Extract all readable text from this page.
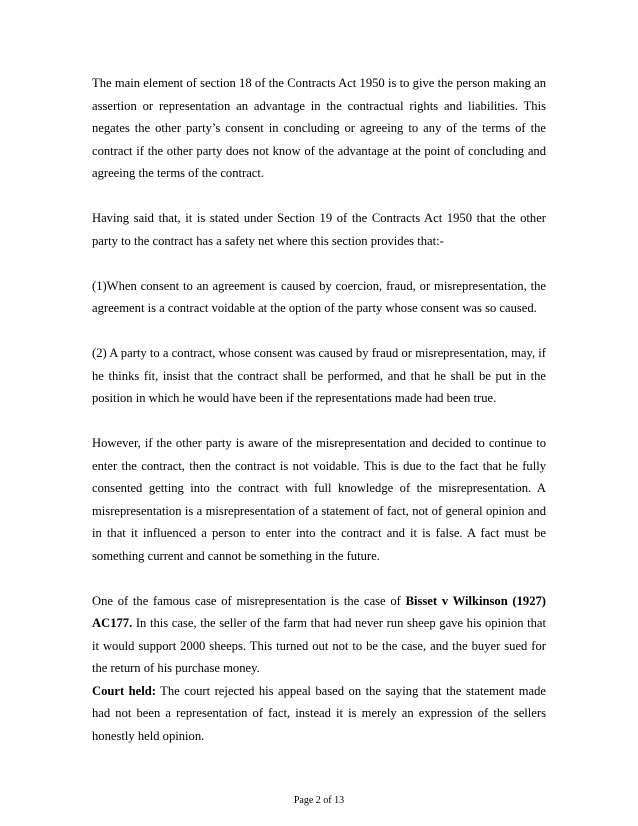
The main element of section 18 of the Contracts Act 1950 is to give the person making an assertion or representation an advantage in the contractual rights and liabilities. This negates the other party’s consent in concluding or agreeing to any of the terms of the contract if the other party does not know of the advantage at the point of concluding and agreeing the terms of the contract.

Having said that, it is stated under Section 19 of the Contracts Act 1950 that the other party to the contract has a safety net where this section provides that:-

(1)When consent to an agreement is caused by coercion, fraud, or misrepresentation, the agreement is a contract voidable at the option of the party whose consent was so caused.

(2) A party to a contract, whose consent was caused by fraud or misrepresentation, may, if he thinks fit, insist that the contract shall be performed, and that he shall be put in the position in which he would have been if the representations made had been true.

However, if the other party is aware of the misrepresentation and decided to continue to enter the contract, then the contract is not voidable. This is due to the fact that he fully consented getting into the contract with full knowledge of the misrepresentation. A misrepresentation is a misrepresentation of a statement of fact, not of general opinion and in that it influenced a person to enter into the contract and it is false. A fact must be something current and cannot be something in the future.

One of the famous case of misrepresentation is the case of Bisset v Wilkinson (1927) AC177. In this case, the seller of the farm that had never run sheep gave his opinion that it would support 2000 sheeps. This turned out not to be the case, and the buyer sued for the return of his purchase money.

Court held: The court rejected his appeal based on the saying that the statement made had not been a representation of fact, instead it is merely an expression of the sellers honestly held opinion.

Page 2 of 13
